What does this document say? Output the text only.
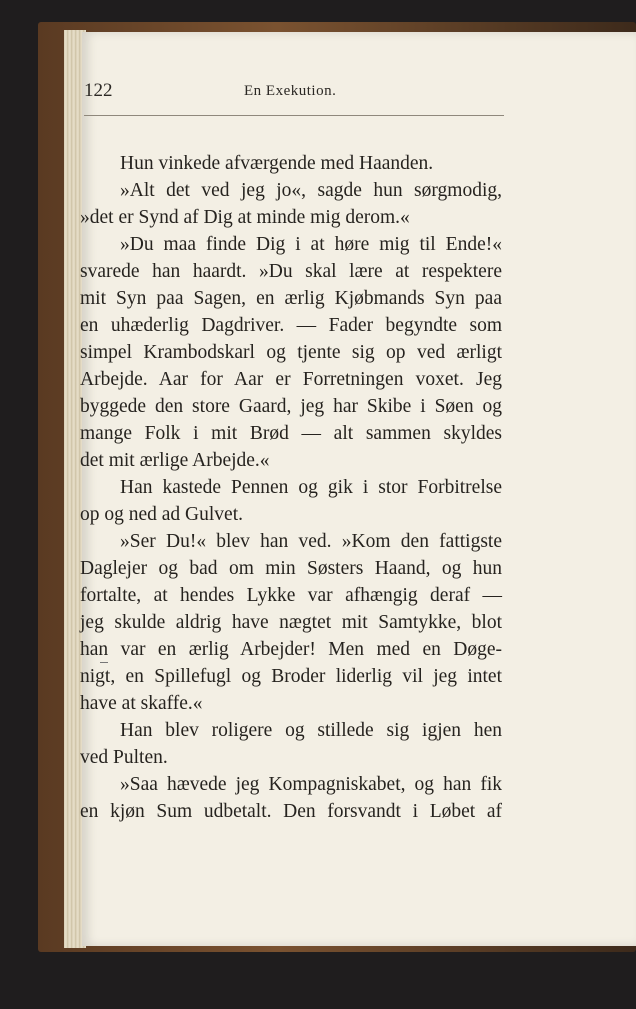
122	En Exekution.
Hun vinkede afværgende med Haanden.
»Alt det ved jeg jo«, sagde hun sørgmodig,
»det er Synd af Dig at minde mig derom.«
»Du maa finde Dig i at høre mig til Ende!«
svarede han haardt. »Du skal lære at respektere
mit Syn paa Sagen, en ærlig Kjøbmands Syn paa
en uhæderlig Dagdriver. — Fader begyndte som
simpel Krambodskarl og tjente sig op ved ærligt
Arbejde. Aar for Aar er Forretningen voxet. Jeg
byggede den store Gaard, jeg har Skibe i Søen og
mange Folk i mit Brød — alt sammen skyldes
det mit ærlige Arbejde.«
Han kastede Pennen og gik i stor Forbitrelse
op og ned ad Gulvet.
»Ser Du!« blev han ved. »Kom den fattigste
Daglejer og bad om min Søsters Haand, og hun
fortalte, at hendes Lykke var afhængig deraf —
jeg skulde aldrig have nægtet mit Samtykke, blot
han var en ærlig Arbejder! Men med en Døge-
nigt, en Spillefugl og Broder liderlig vil jeg intet
have at skaffe.«
Han blev roligere og stillede sig igjen hen
ved Pulten.
»Saa hævede jeg Kompagniskabet, og han fik
en kjøn Sum udbetalt. Den forsvandt i Løbet af
